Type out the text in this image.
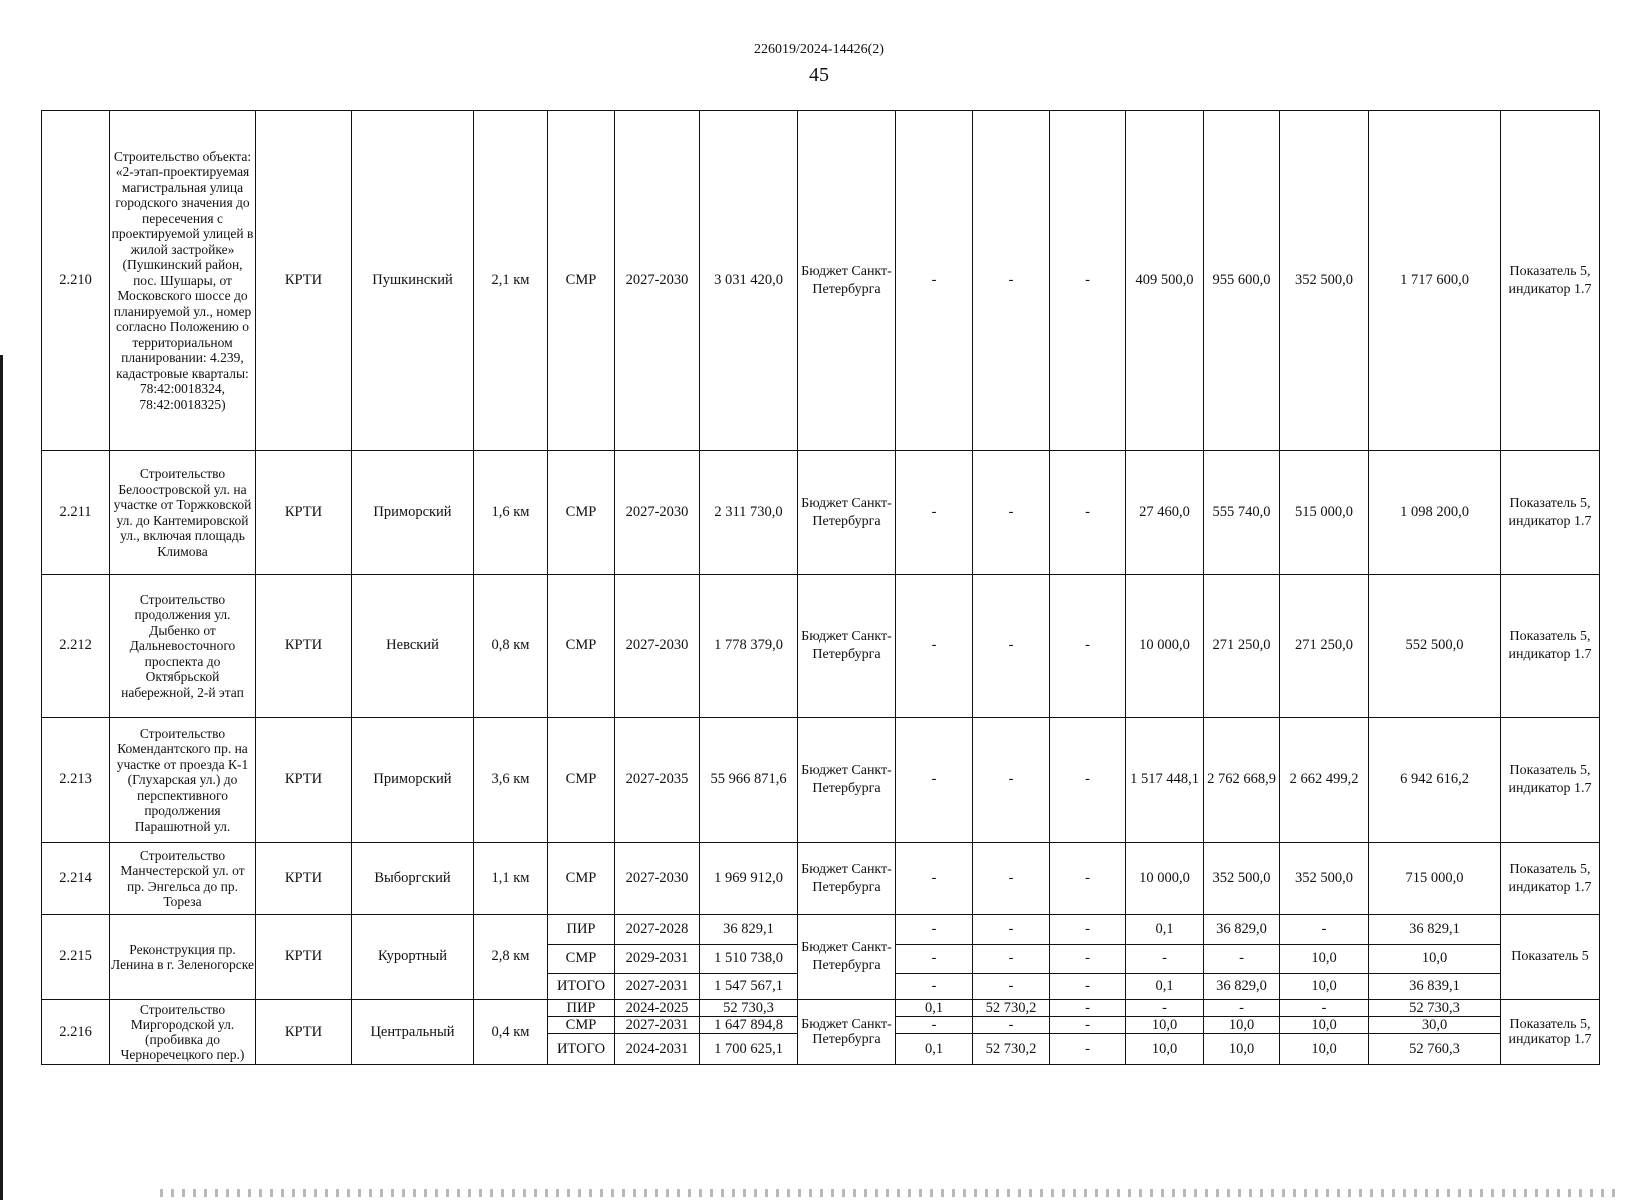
226019/2024-14426(2)
45
2.210	Строительство объекта: «2-этап-проектируемая магистральная улица городского значения до пересечения с проектируемой улицей в жилой застройке» (Пушкинский район, пос. Шушары, от Московского шоссе до планируемой ул., номер согласно Положению о территориальном планировании: 4.239, кадастровые кварталы: 78:42:0018324, 78:42:0018325)	КРТИ	Пушкинский	2,1 км	СМР	2027-2030	3 031 420,0	Бюджет Санкт-Петербурга	-	-	-	409 500,0	955 600,0	352 500,0	1 717 600,0	Показатель 5, индикатор 1.7
2.211	Строительство Белоостровской ул. на участке от Торжковской ул. до Кантемировской ул., включая площадь Климова	КРТИ	Приморский	1,6 км	СМР	2027-2030	2 311 730,0	Бюджет Санкт-Петербурга	-	-	-	27 460,0	555 740,0	515 000,0	1 098 200,0	Показатель 5, индикатор 1.7
2.212	Строительство продолжения ул. Дыбенко от Дальневосточного проспекта до Октябрьской набережной, 2-й этап	КРТИ	Невский	0,8 км	СМР	2027-2030	1 778 379,0	Бюджет Санкт-Петербурга	-	-	-	10 000,0	271 250,0	271 250,0	552 500,0	Показатель 5, индикатор 1.7
2.213	Строительство Комендантского пр. на участке от проезда К-1 (Глухарская ул.) до перспективного продолжения Парашютной ул.	КРТИ	Приморский	3,6 км	СМР	2027-2035	55 966 871,6	Бюджет Санкт-Петербурга	-	-	-	1 517 448,1	2 762 668,9	2 662 499,2	6 942 616,2	Показатель 5, индикатор 1.7
2.214	Строительство Манчестерской ул. от пр. Энгельса до пр. Тореза	КРТИ	Выборгский	1,1 км	СМР	2027-2030	1 969 912,0	Бюджет Санкт-Петербурга	-	-	-	10 000,0	352 500,0	352 500,0	715 000,0	Показатель 5, индикатор 1.7
2.215	Реконструкция пр. Ленина в г. Зеленогорске	КРТИ	Курортный	2,8 км	ПИР	2027-2028	36 829,1	Бюджет Санкт-Петербурга	-	-	-	0,1	36 829,0	-	36 829,1	Показатель 5
					СМР	2029-2031	1 510 738,0		-	-	-	-	-	10,0	10,0	
					ИТОГО	2027-2031	1 547 567,1		-	-	-	0,1	36 829,0	10,0	36 839,1	
2.216	Строительство Миргородской ул. (пробивка до Черноречецкого пер.)	КРТИ	Центральный	0,4 км	ПИР	2024-2025	52 730,3	Бюджет Санкт-Петербурга	0,1	52 730,2	-	-	-	-	52 730,3	Показатель 5, индикатор 1.7
					СМР	2027-2031	1 647 894,8		-	-	-	10,0	10,0	10,0	30,0	
					ИТОГО	2024-2031	1 700 625,1		0,1	52 730,2	-	10,0	10,0	10,0	52 760,3	
